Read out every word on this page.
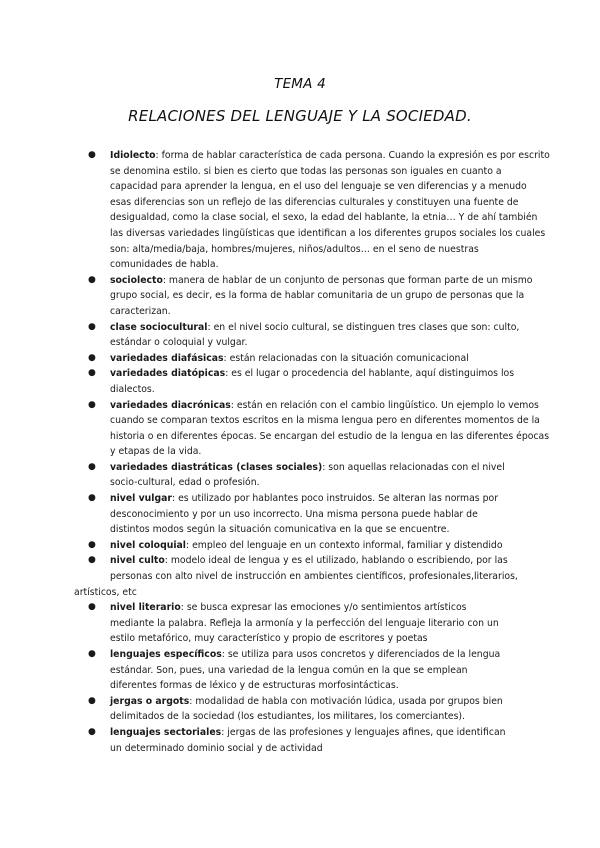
TEMA 4
RELACIONES DEL LENGUAJE Y LA SOCIEDAD.
● Idiolecto: forma de hablar característica de cada persona. Cuando la expresión es por escrito
se denomina estilo. si bien es cierto que todas las personas son iguales en cuanto a
capacidad para aprender la lengua, en el uso del lenguaje se ven diferencias y a menudo
esas diferencias son un reflejo de las diferencias culturales y constituyen una fuente de
desigualdad, como la clase social, el sexo, la edad del hablante, la etnia… Y de ahí también
las diversas variedades lingüísticas que identifican a los diferentes grupos sociales los cuales
son: alta/media/baja, hombres/mujeres, niños/adultos… en el seno de nuestras
comunidades de habla.
● sociolecto: manera de hablar de un conjunto de personas que forman parte de un mismo
grupo social, es decir, es la forma de hablar comunitaria de un grupo de personas que la
caracterizan.
● clase sociocultural: en el nivel socio cultural, se distinguen tres clases que son: culto,
estándar o coloquial y vulgar.
● variedades diafásicas: están relacionadas con la situación comunicacional
● variedades diatópicas: es el lugar o procedencia del hablante, aquí distinguimos los
dialectos.
● variedades diacrónicas: están en relación con el cambio lingüístico. Un ejemplo lo vemos
cuando se comparan textos escritos en la misma lengua pero en diferentes momentos de la
historia o en diferentes épocas. Se encargan del estudio de la lengua en las diferentes épocas
y etapas de la vida.
● variedades diastráticas (clases sociales): son aquellas relacionadas con el nivel
socio-cultural, edad o profesión.
● nivel vulgar: es utilizado por hablantes poco instruidos. Se alteran las normas por
desconocimiento y por un uso incorrecto. Una misma persona puede hablar de
distintos modos según la situación comunicativa en la que se encuentre.
● nivel coloquial: empleo del lenguaje en un contexto informal, familiar y distendido
● nivel culto: modelo ideal de lengua y es el utilizado, hablando o escribiendo, por las
personas con alto nivel de instrucción en ambientes científicos, profesionales,literarios,
artísticos, etc
● nivel literario: se busca expresar las emociones y/o sentimientos artísticos
mediante la palabra. Refleja la armonía y la perfección del lenguaje literario con un
estilo metafórico, muy característico y propio de escritores y poetas
● lenguajes específicos: se utiliza para usos concretos y diferenciados de la lengua
estándar. Son, pues, una variedad de la lengua común en la que se emplean
diferentes formas de léxico y de estructuras morfosintácticas.
● jergas o argots: modalidad de habla con motivación lúdica, usada por grupos bien
delimitados de la sociedad (los estudiantes, los militares, los comerciantes).
● lenguajes sectoriales: jergas de las profesiones y lenguajes afines, que identifican
un determinado dominio social y de actividad
